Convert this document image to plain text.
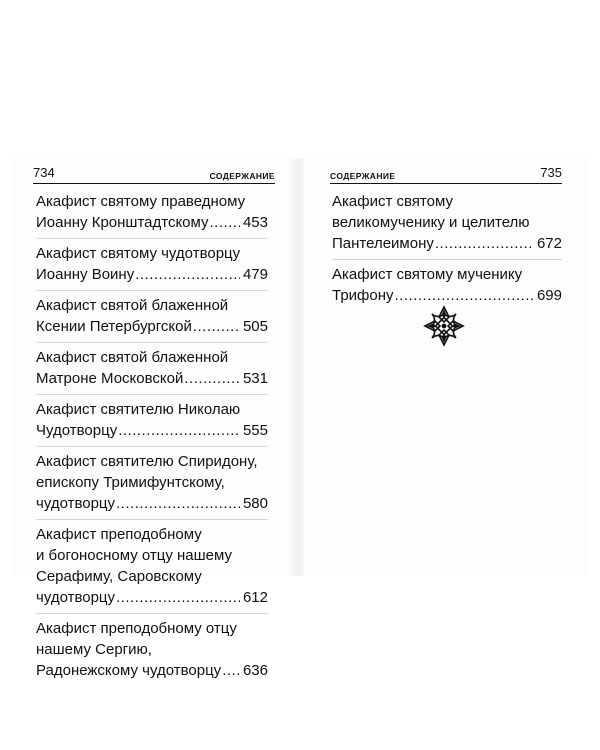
734	СОДЕРЖАНИЕ
Акафист святому праведному
Иоанну Кронштадтскому ..... 453
Акафист святому чудотворцу
Иоанну Воину .....	479
Акафист святой блаженной
Ксении Петербургской .....	505
Акафист святой блаженной
Матроне Московской .....	531
Акафист святителю Николаю
Чудотворцу .....	555
Акафист святителю Спиридону,
епископу Тримифунтскому,
чудотворцу .....	580
Акафист преподобному
и богоносному отцу нашему
Серафиму, Саровскому
чудотворцу .....	612
Акафист преподобному отцу
нашему Сергию,
Радонежскому чудотворцу ..... 636
СОДЕРЖАНИЕ	735
Акафист святому
великомученику и целителю
Пантелеимону .....	672
Акафист святому мученику
Трифону .....	699
